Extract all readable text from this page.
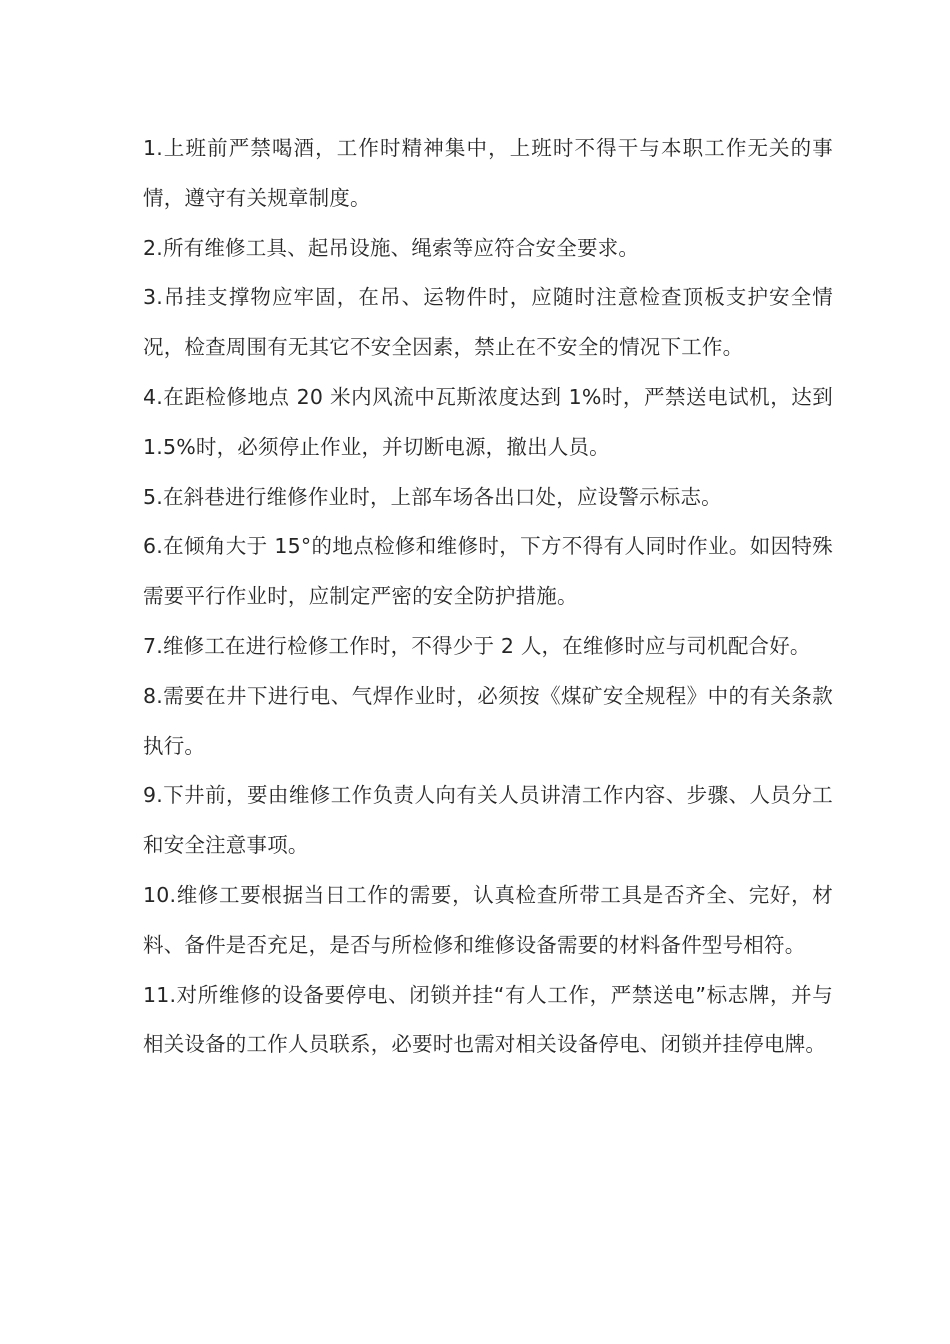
1.上班前严禁喝酒，工作时精神集中，上班时不得干与本职工作无关的事情，遵守有关规章制度。

2.所有维修工具、起吊设施、绳索等应符合安全要求。

3.吊挂支撑物应牢固，在吊、运物件时，应随时注意检查顶板支护安全情况，检查周围有无其它不安全因素，禁止在不安全的情况下工作。

4.在距检修地点 20 米内风流中瓦斯浓度达到 1%时，严禁送电试机，达到 1.5%时，必须停止作业，并切断电源，撤出人员。

5.在斜巷进行维修作业时，上部车场各出口处，应设警示标志。

6.在倾角大于 15°的地点检修和维修时，下方不得有人同时作业。如因特殊需要平行作业时，应制定严密的安全防护措施。

7.维修工在进行检修工作时，不得少于 2 人，在维修时应与司机配合好。

8.需要在井下进行电、气焊作业时，必须按《煤矿安全规程》中的有关条款执行。

9.下井前，要由维修工作负责人向有关人员讲清工作内容、步骤、人员分工和安全注意事项。

10.维修工要根据当日工作的需要，认真检查所带工具是否齐全、完好，材料、备件是否充足，是否与所检修和维修设备需要的材料备件型号相符。

11.对所维修的设备要停电、闭锁并挂“有人工作，严禁送电”标志牌，并与相关设备的工作人员联系，必要时也需对相关设备停电、闭锁并挂停电牌。
